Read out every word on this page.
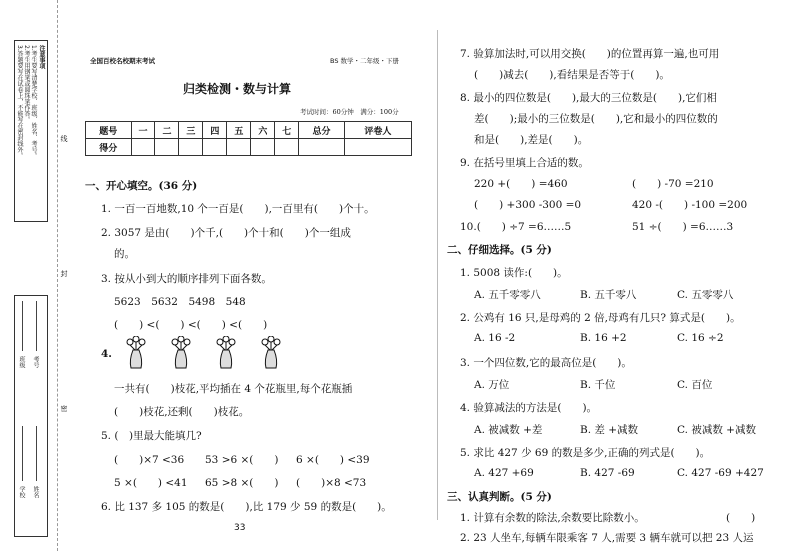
注意事项
1.考生要写清楚学校、班级、姓名、考号。
2.考生用钢笔或圆珠笔作答。
3.答题要写在试卷上，不能写在密封线外。	线
封
密
学校 姓名
班级 考号
全国百校名校期末考试	BS 数学・二年级・下册
归类检测・数与计算
考试时间：60分钟　满分：100分
题号	一	二	三	四	五	六	七	总分	评卷人
得分									
一、开心填空。(36 分)
1. 一百一百地数,10 个一百是(　　),一百里有(　　)个十。
2. 3057 是由(　　)个千,(　　)个十和(　　)个一组成
的。
3. 按从小到大的顺序排列下面各数。
5623　5632　5498　548
(　　) <(　　) <(　　) <(　　)
4.
一共有(　　)枝花,平均插在 4 个花瓶里,每个花瓶插
(　　)枝花,还剩(　　)枝花。
5. (　)里最大能填几?
(　　)×7 <36 53 >6 ×(　　) 6 ×(　　) <39
5 ×(　　) <41 65 >8 ×(　　) (　　)×8 <73
6. 比 137 多 105 的数是(　　),比 179 少 59 的数是(　　)。
33
7. 验算加法时,可以用交换(　　)的位置再算一遍,也可用
(　　)减去(　　),看结果是否等于(　　)。
8. 最小的四位数是(　　),最大的三位数是(　　),它们相
差(　　);最小的三位数是(　　),它和最小的四位数的
和是(　　),差是(　　)。
9. 在括号里填上合适的数。
220 +(　　) =460	(　　) -70 =210
(　　) +300 -300 =0	420 -(　　) -100 =200
10.(　　) ÷7 =6……5	51 ÷(　　) =6……3
二、仔细选择。(5 分)
1. 5008 读作:(　　)。
A. 五千零零八	B. 五千零八	C. 五零零八
2. 公鸡有 16 只,是母鸡的 2 倍,母鸡有几只? 算式是(　　)。
A. 16 -2	B. 16 +2	C. 16 ÷2
3. 一个四位数,它的最高位是(　　)。
A. 万位	B. 千位	C. 百位
4. 验算减法的方法是(　　)。
A. 被减数 +差	B. 差 +减数	C. 被减数 +减数
5. 求比 427 少 69 的数是多少,正确的列式是(　　)。
A. 427 +69	B. 427 -69	C. 427 -69 +427
三、认真判断。(5 分)
1. 计算有余数的除法,余数要比除数小。	(　　)
2. 23 人坐车,每辆车限乘客 7 人,需要 3 辆车就可以把 23 人运
